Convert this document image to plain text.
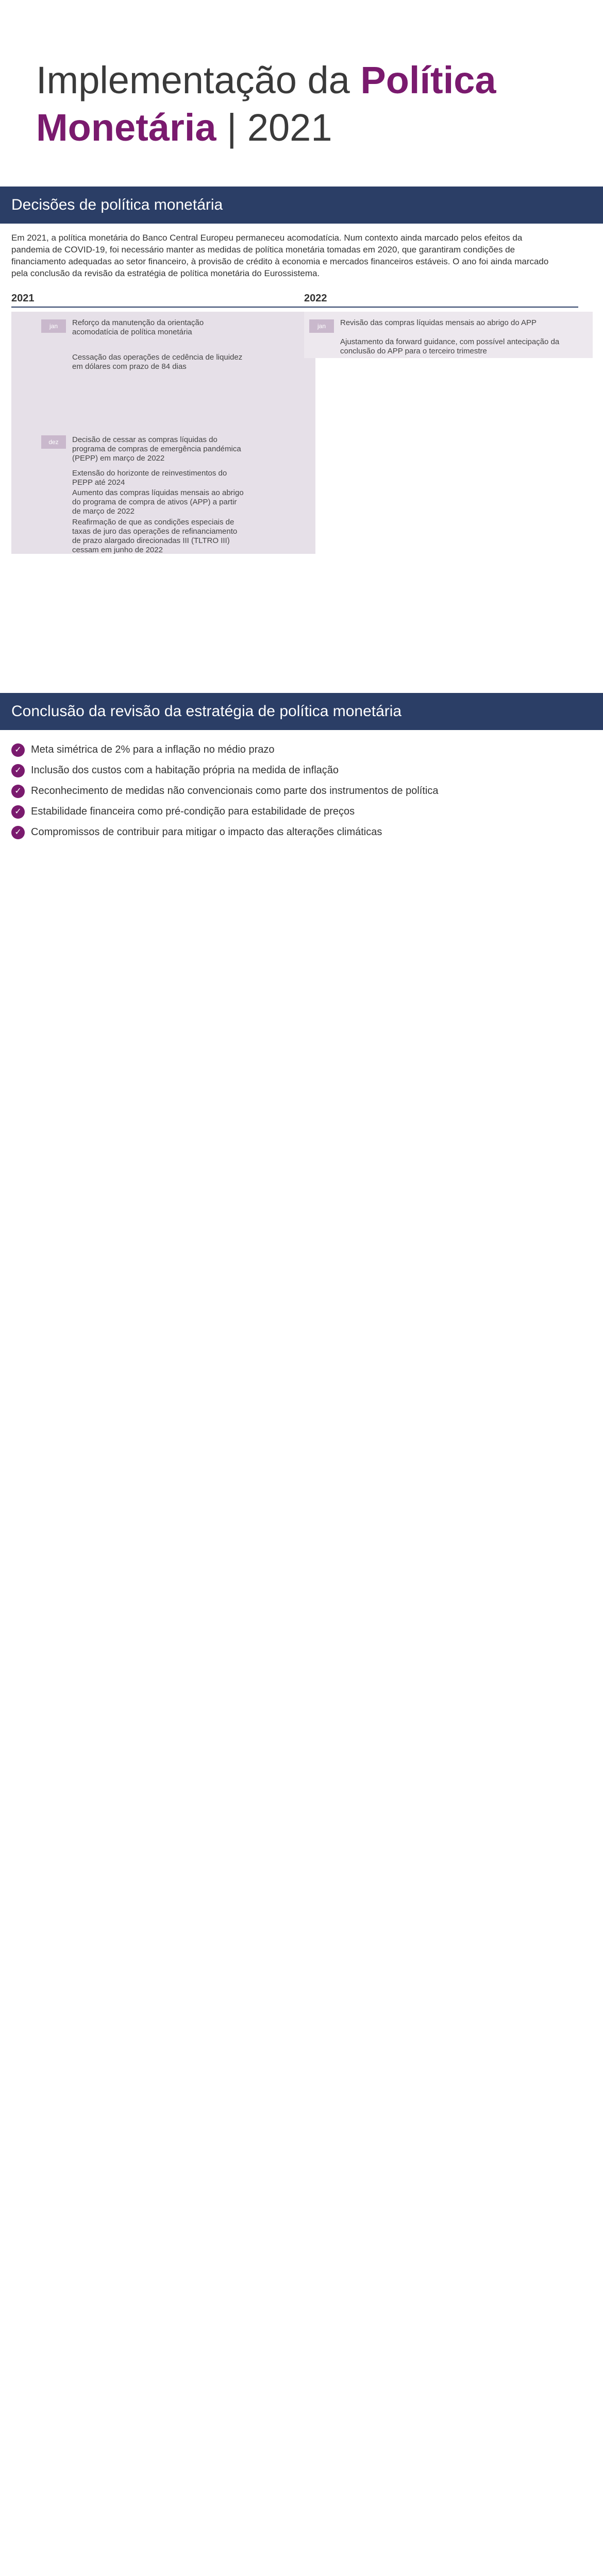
Implementação da Política
Monetária | 2021
Decisões de política monetária
Em 2021, a política monetária do Banco Central Europeu permaneceu acomodatícia. Num contexto ainda marcado pelos efeitos da pandemia de COVID-19, foi necessário manter as medidas de política monetária tomadas em 2020, que garantiram condições de financiamento adequadas ao setor financeiro, à provisão de crédito à economia e mercados financeiros estáveis. O ano foi ainda marcado pela conclusão da revisão da estratégia de política monetária do Eurossistema.
2021	2022
jan
dez
jan
Reforço da manutenção da orientação acomodatícia de política monetária
Cessação das operações de cedência de liquidez em dólares com prazo de 84 dias
Decisão de cessar as compras líquidas do programa de compras de emergência pandémica (PEPP) em março de 2022
Extensão do horizonte de reinvestimentos do PEPP até 2024
Aumento das compras líquidas mensais ao abrigo do programa de compra de ativos (APP) a partir de março de 2022
Reafirmação de que as condições especiais de taxas de juro das operações de refinanciamento de prazo alargado direcionadas III (TLTRO III) cessam em junho de 2022
Revisão das compras líquidas mensais ao abrigo do APP
Ajustamento da forward guidance, com possível antecipação da conclusão do APP para o terceiro trimestre
Conclusão da revisão da estratégia de política monetária
✓ Meta simétrica de 2% para a inflação no médio prazo
✓ Inclusão dos custos com a habitação própria na medida de inflação
✓ Reconhecimento de medidas não convencionais como parte dos instrumentos de política
✓ Estabilidade financeira como pré-condição para estabilidade de preços
✓ Compromissos de contribuir para mitigar o impacto das alterações climáticas
